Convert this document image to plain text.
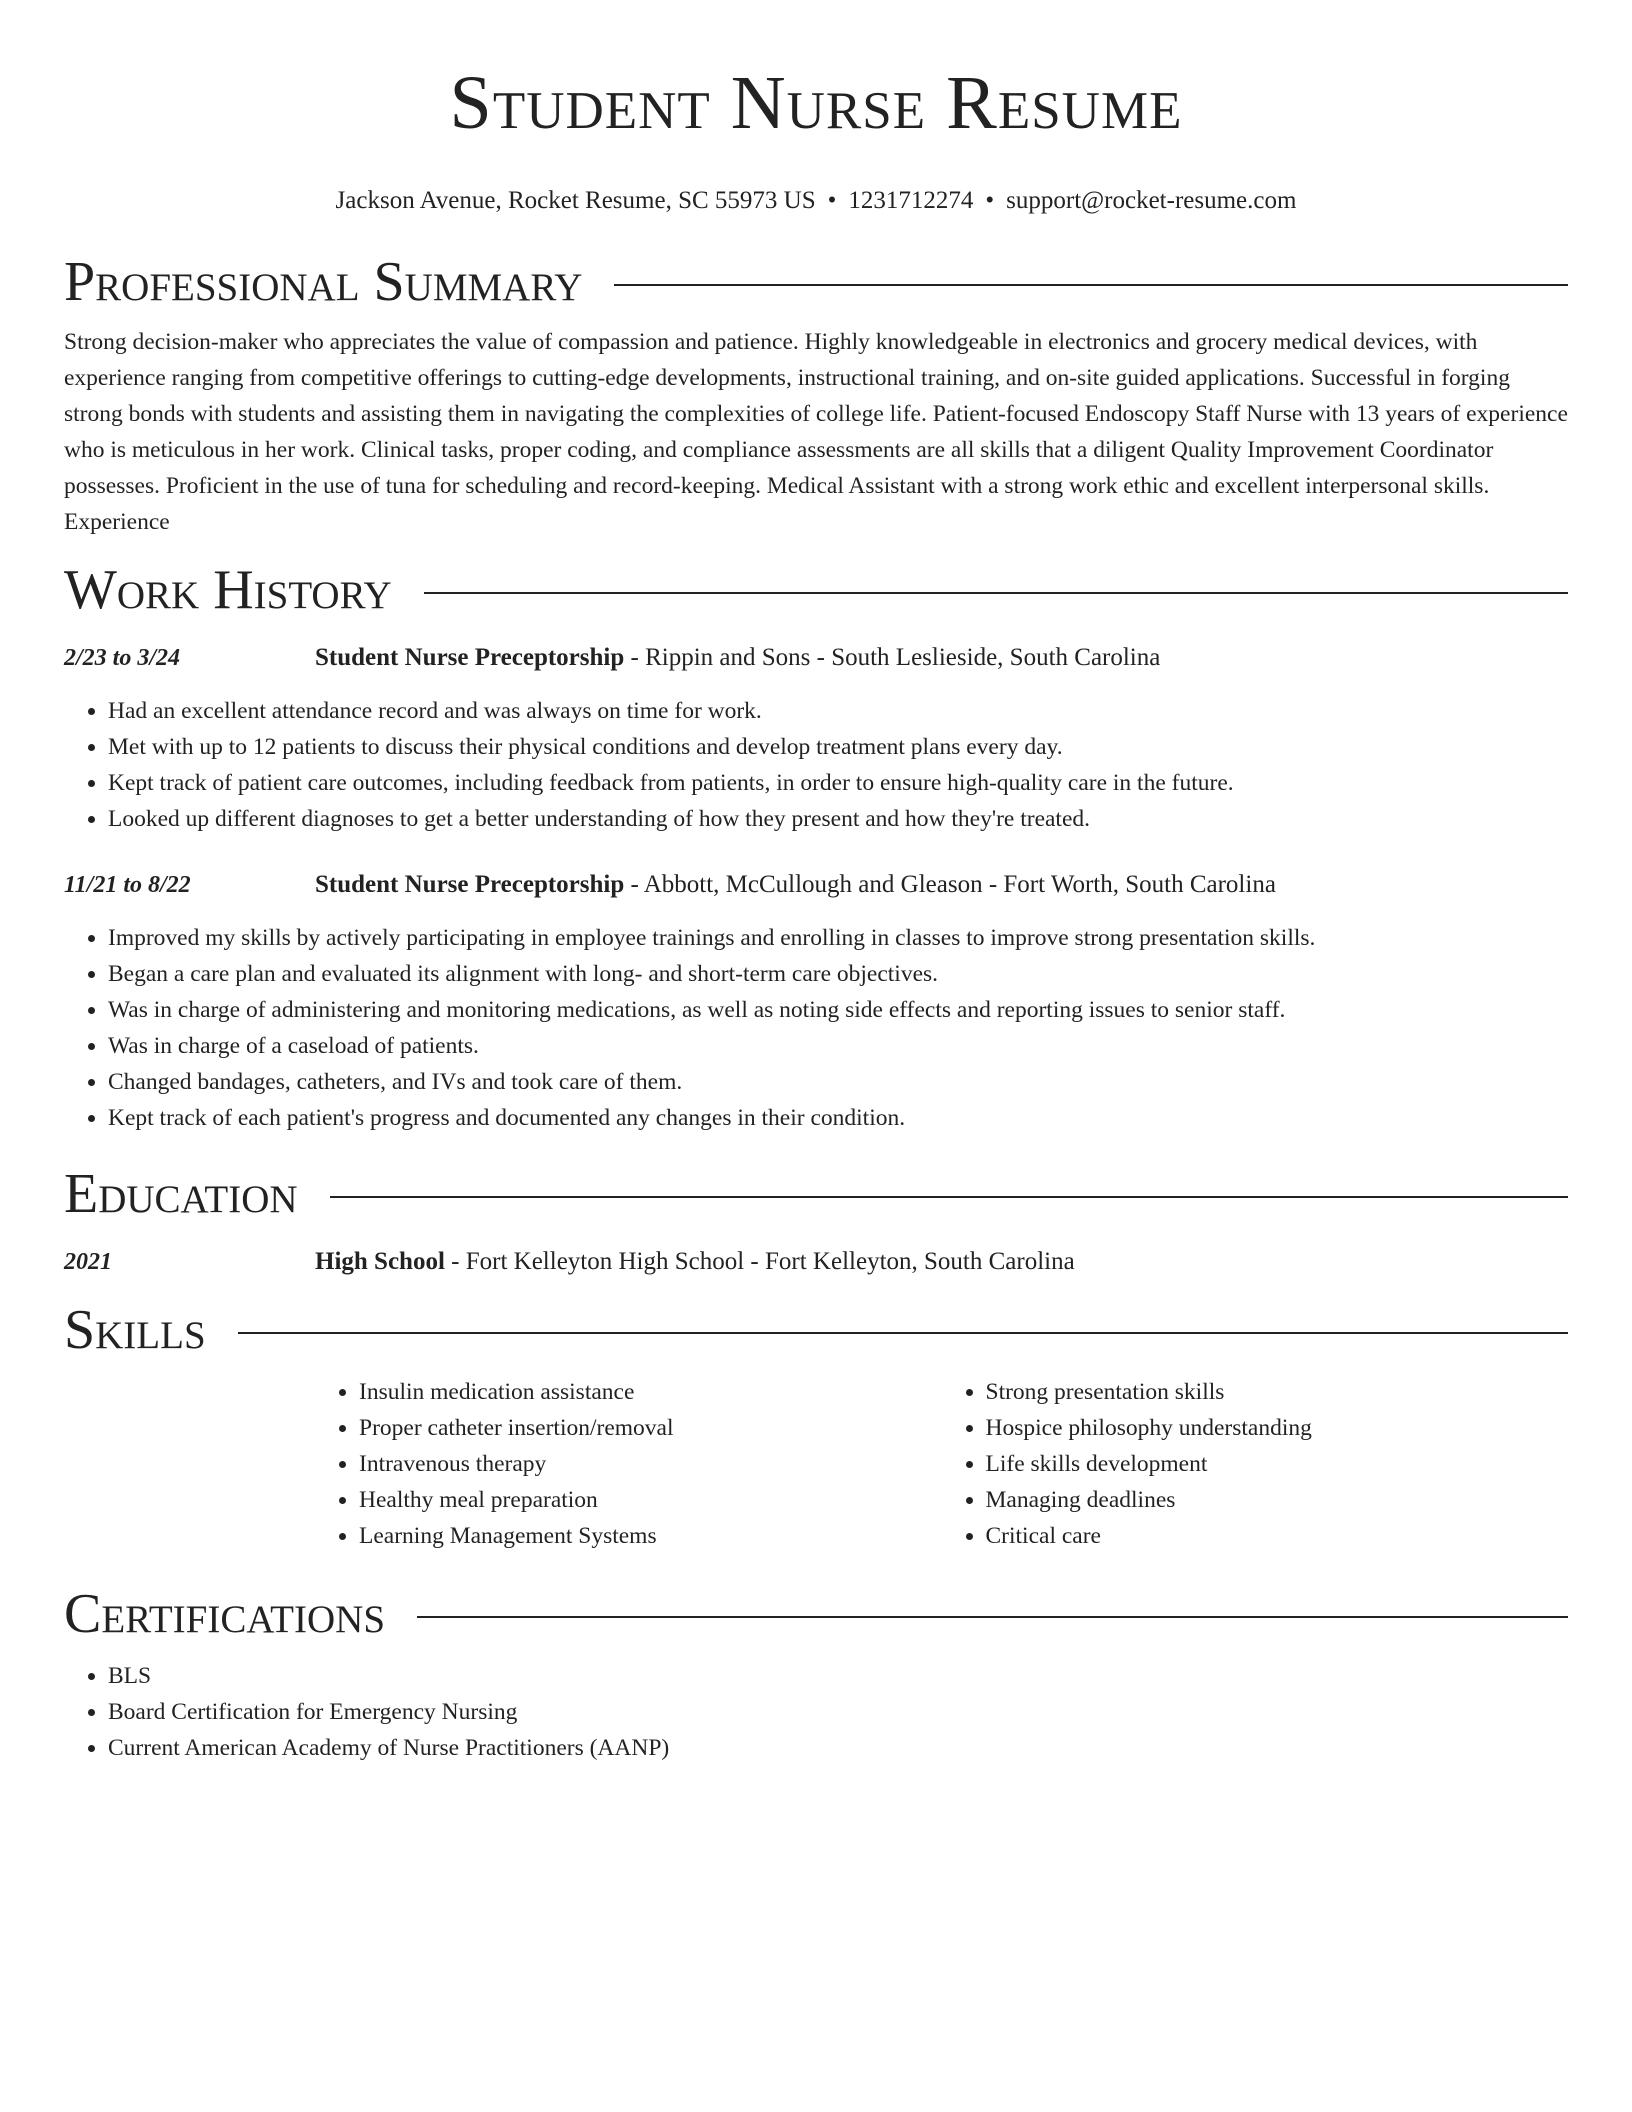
Student Nurse Resume
Jackson Avenue, Rocket Resume, SC 55973 US • 1231712274 • support@rocket-resume.com
Professional Summary

Strong decision-maker who appreciates the value of compassion and patience. Highly knowledgeable in electronics and grocery medical devices, with experience ranging from competitive offerings to cutting-edge developments, instructional training, and on-site guided applications. Successful in forging strong bonds with students and assisting them in navigating the complexities of college life. Patient-focused Endoscopy Staff Nurse with 13 years of experience who is meticulous in her work. Clinical tasks, proper coding, and compliance assessments are all skills that a diligent Quality Improvement Coordinator possesses. Proficient in the use of tuna for scheduling and record-keeping. Medical Assistant with a strong work ethic and excellent interpersonal skills. Experience

Work History
2/23 to 3/24	Student Nurse Preceptorship - Rippin and Sons - South Leslieside, South Carolina
• Had an excellent attendance record and was always on time for work.
• Met with up to 12 patients to discuss their physical conditions and develop treatment plans every day.
• Kept track of patient care outcomes, including feedback from patients, in order to ensure high-quality care in the future.
• Looked up different diagnoses to get a better understanding of how they present and how they're treated.
11/21 to 8/22	Student Nurse Preceptorship - Abbott, McCullough and Gleason - Fort Worth, South Carolina
• Improved my skills by actively participating in employee trainings and enrolling in classes to improve strong presentation skills.
• Began a care plan and evaluated its alignment with long- and short-term care objectives.
• Was in charge of administering and monitoring medications, as well as noting side effects and reporting issues to senior staff.
• Was in charge of a caseload of patients.
• Changed bandages, catheters, and IVs and took care of them.
• Kept track of each patient's progress and documented any changes in their condition.
Education
2021	High School - Fort Kelleyton High School - Fort Kelleyton, South Carolina
Skills
• Insulin medication assistance
• Proper catheter insertion/removal
• Intravenous therapy
• Healthy meal preparation
• Learning Management Systems
• Strong presentation skills
• Hospice philosophy understanding
• Life skills development
• Managing deadlines
• Critical care
Certifications
• BLS
• Board Certification for Emergency Nursing
• Current American Academy of Nurse Practitioners (AANP)
